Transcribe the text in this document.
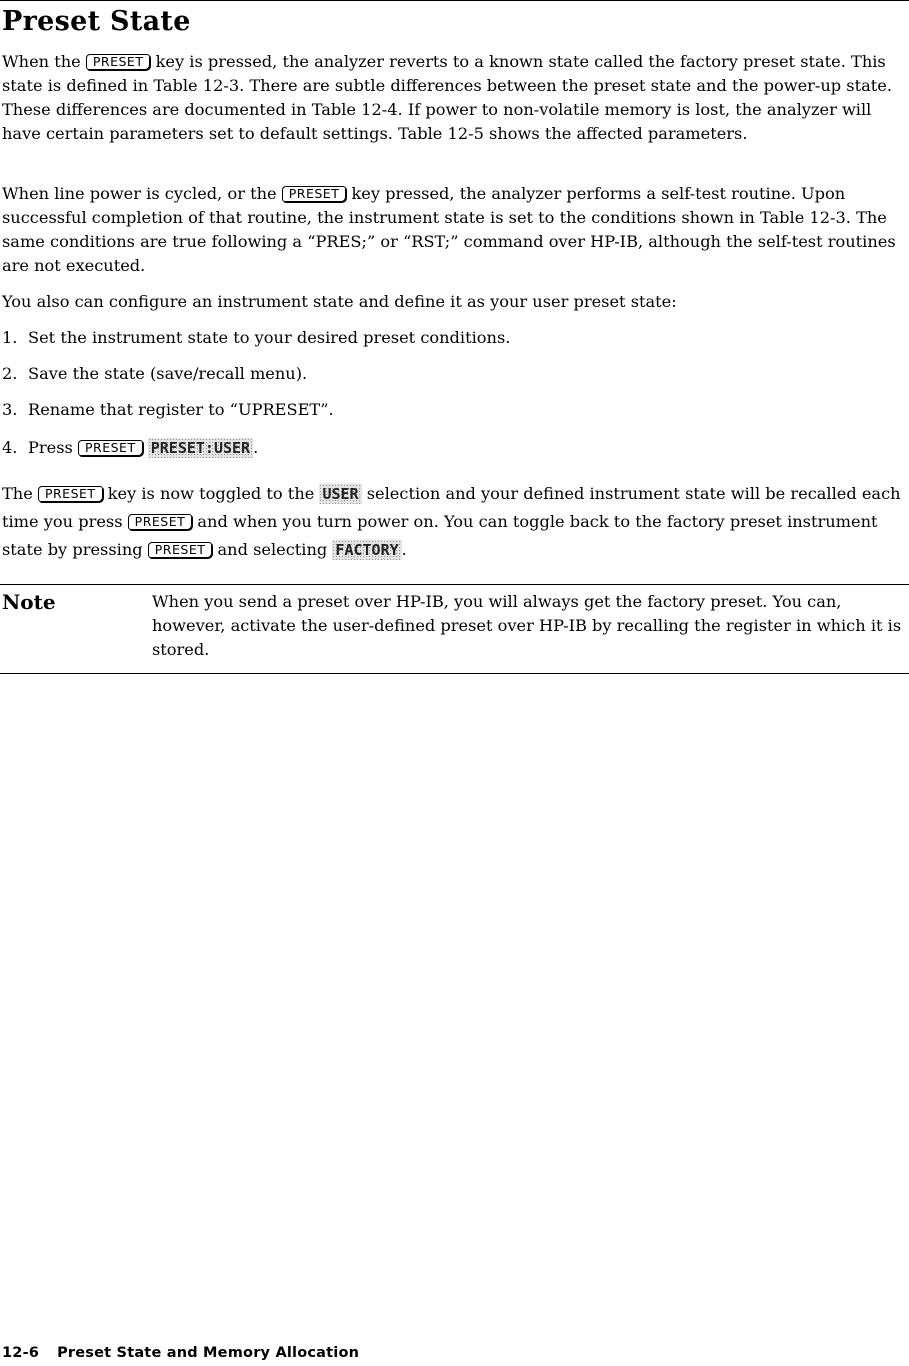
Preset State

When the PRESET key is pressed, the analyzer reverts to a known state called the factory preset state. This state is defined in Table 12-3. There are subtle differences between the preset state and the power-up state. These differences are documented in Table 12-4. If power to non-volatile memory is lost, the analyzer will have certain parameters set to default settings. Table 12-5 shows the affected parameters.

When line power is cycled, or the PRESET key pressed, the analyzer performs a self-test routine. Upon successful completion of that routine, the instrument state is set to the conditions shown in Table 12-3. The same conditions are true following a “PRES;” or “RST;” command over HP-IB, although the self-test routines are not executed.

You also can configure an instrument state and define it as your user preset state:

1. Set the instrument state to your desired preset conditions.

2. Save the state (save/recall menu).

3. Rename that register to “UPRESET”.

4. Press PRESET PRESET:USER .

The PRESET key is now toggled to the USER selection and your defined instrument state will be recalled each time you press PRESET and when you turn power on. You can toggle back to the factory preset instrument state by pressing PRESET and selecting FACTORY .

Note	When you send a preset over HP-IB, you will always get the factory preset. You can, however, activate the user-defined preset over HP-IB by recalling the register in which it is stored.

12-6 Preset State and Memory Allocation
